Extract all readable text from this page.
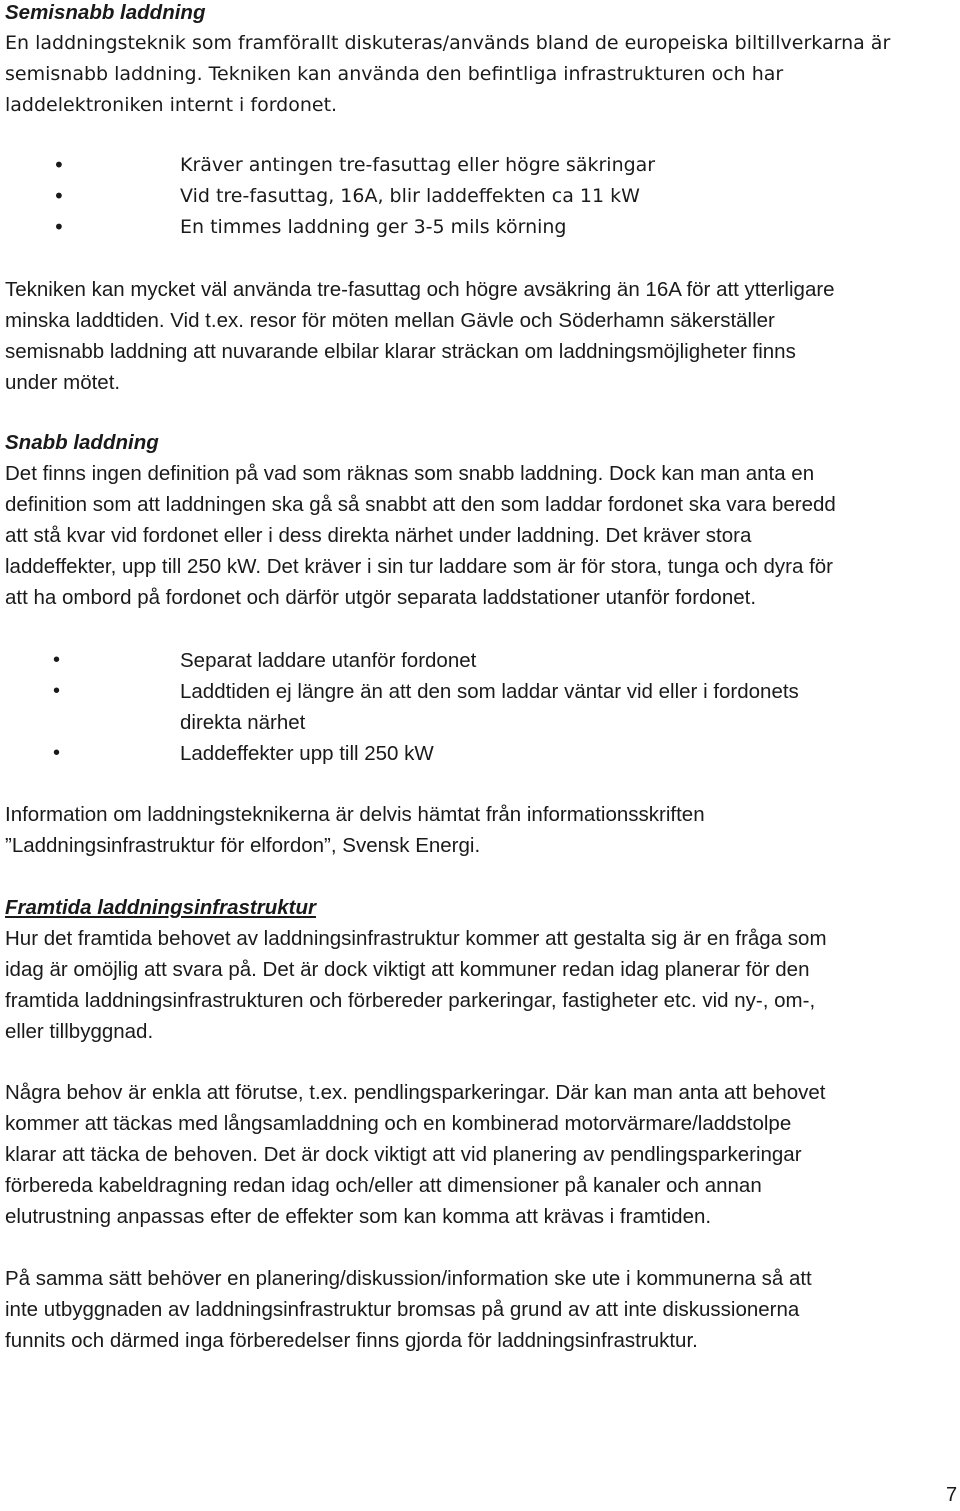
Semisnabb laddning
En laddningsteknik som framförallt diskuteras/används bland de europeiska biltillverkarna är
semisnabb laddning. Tekniken kan använda den befintliga infrastrukturen och har
laddelektroniken internt i fordonet.
•	Kräver antingen tre-fasuttag eller högre säkringar
•	Vid tre-fasuttag, 16A, blir laddeffekten ca 11 kW
•	En timmes laddning ger 3-5 mils körning
Tekniken kan mycket väl använda tre-fasuttag och högre avsäkring än 16A för att ytterligare
minska laddtiden. Vid t.ex. resor för möten mellan Gävle och Söderhamn säkerställer
semisnabb laddning att nuvarande elbilar klarar sträckan om laddningsmöjligheter finns
under mötet.
Snabb laddning
Det finns ingen definition på vad som räknas som snabb laddning. Dock kan man anta en
definition som att laddningen ska gå så snabbt att den som laddar fordonet ska vara beredd
att stå kvar vid fordonet eller i dess direkta närhet under laddning. Det kräver stora
laddeffekter, upp till 250 kW. Det kräver i sin tur laddare som är för stora, tunga och dyra för
att ha ombord på fordonet och därför utgör separata laddstationer utanför fordonet.
•	Separat laddare utanför fordonet
•	Laddtiden ej längre än att den som laddar väntar vid eller i fordonets
direkta närhet
•	Laddeffekter upp till 250 kW
Information om laddningsteknikerna är delvis hämtat från informationsskriften
”Laddningsinfrastruktur för elfordon”, Svensk Energi.
Framtida laddningsinfrastruktur
Hur det framtida behovet av laddningsinfrastruktur kommer att gestalta sig är en fråga som
idag är omöjlig att svara på. Det är dock viktigt att kommuner redan idag planerar för den
framtida laddningsinfrastrukturen och förbereder parkeringar, fastigheter etc. vid ny-, om-,
eller tillbyggnad.
Några behov är enkla att förutse, t.ex. pendlingsparkeringar. Där kan man anta att behovet
kommer att täckas med långsamladdning och en kombinerad motorvärmare/laddstolpe
klarar att täcka de behoven. Det är dock viktigt att vid planering av pendlingsparkeringar
förbereda kabeldragning redan idag och/eller att dimensioner på kanaler och annan
elutrustning anpassas efter de effekter som kan komma att krävas i framtiden.
På samma sätt behöver en planering/diskussion/information ske ute i kommunerna så att
inte utbyggnaden av laddningsinfrastruktur bromsas på grund av att inte diskussionerna
funnits och därmed inga förberedelser finns gjorda för laddningsinfrastruktur.
7
